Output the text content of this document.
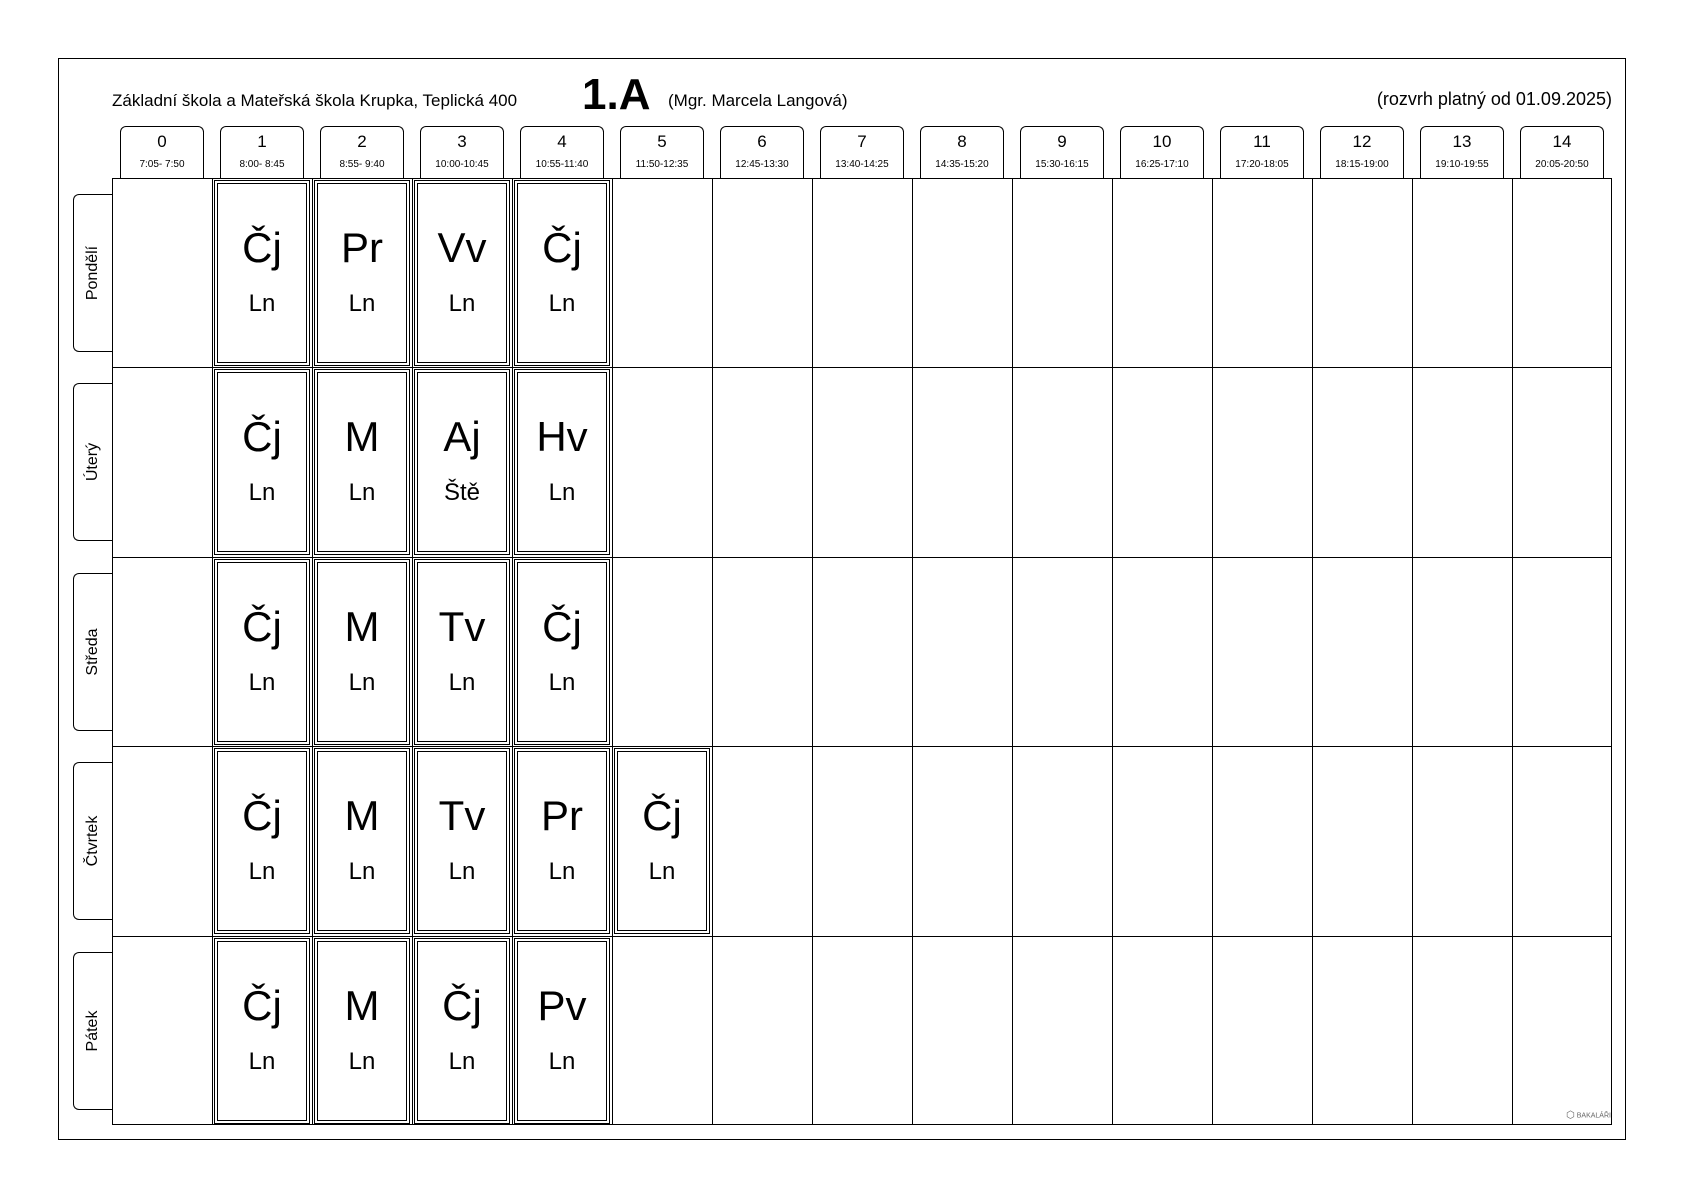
Základní škola a Mateřská škola Krupka, Teplická 400 1.A (Mgr. Marcela Langová)	(rozvrh platný od 01.09.2025)
0
7:05- 7:50
1
8:00- 8:45
2
8:55- 9:40
3
10:00-10:45
4
10:55-11:40
5
11:50-12:35
6
12:45-13:30
7
13:40-14:25
8
14:35-15:20
9
15:30-16:15
10
16:25-17:10
11
17:20-18:05
12
18:15-19:00
13
19:10-19:55
14
20:05-20:50
Pondělí
Úterý
Středa
Čtvrtek
Pátek
Čj
Ln
Pr
Ln
Vv
Ln
Čj
Ln
Čj
Ln
M
Ln
Aj
Ště
Hv
Ln
Čj
Ln
M
Ln
Tv
Ln
Čj
Ln
Čj
Ln
M
Ln
Tv
Ln
Pr
Ln
Čj
Ln
Čj
Ln
M
Ln
Čj
Ln
Pv
Ln
⬡ BAKALÁŘI
